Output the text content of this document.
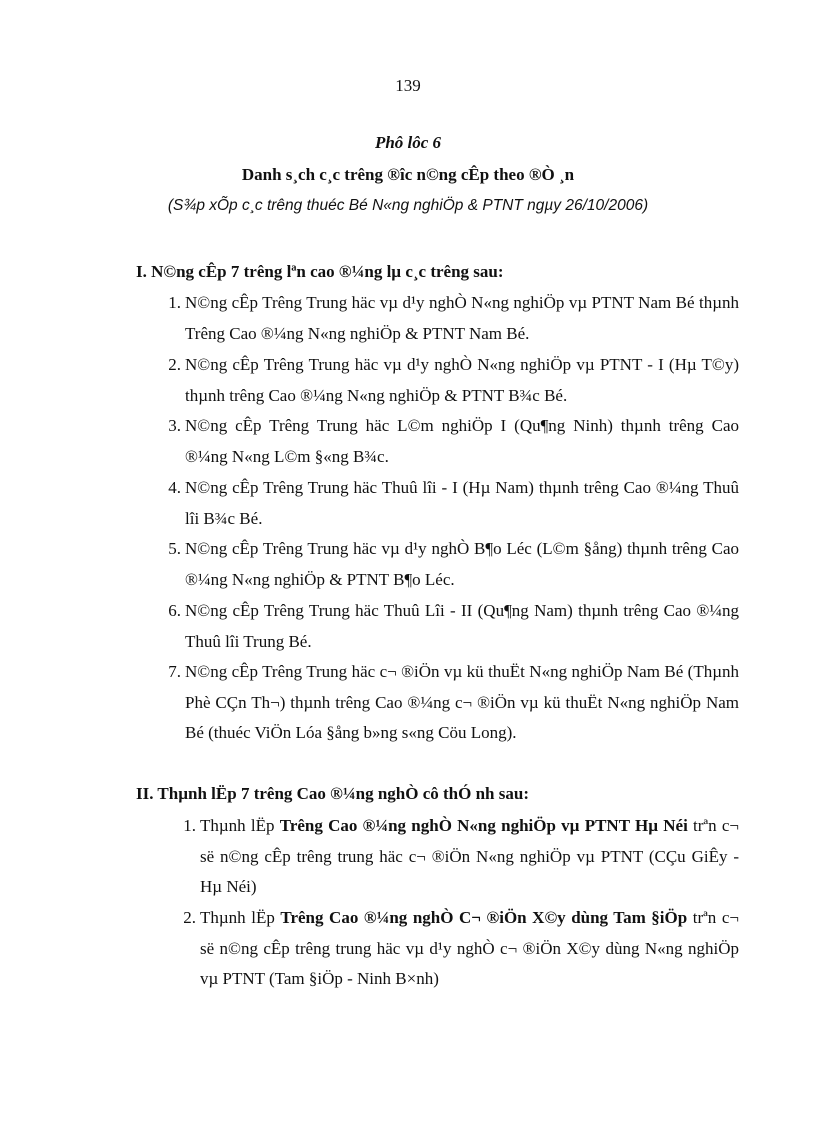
139
Phô lôc 6
Danh s¸ch c¸c trêng ®îc n©ng cÊp theo ®Ò ¸n
(S¾p xÕp c¸c trêng thuéc Bé N«ng nghiÖp & PTNT ngµy 26/10/2006)
I. N©ng cÊp 7 trêng lªn cao ®¼ng lµ c¸c trêng sau:
1. N©ng cÊp Trêng Trung häc vµ d¹y nghÒ N«ng nghiÖp vµ PTNT Nam Bé thµnh Trêng Cao ®¼ng N«ng nghiÖp & PTNT Nam Bé.
2. N©ng cÊp Trêng Trung häc vµ d¹y nghÒ N«ng nghiÖp vµ PTNT - I (Hµ T©y) thµnh trêng Cao ®¼ng N«ng nghiÖp & PTNT B¾c Bé.
3. N©ng cÊp Trêng Trung häc L©m nghiÖp I (Qu¶ng Ninh) thµnh trêng Cao ®¼ng N«ng L©m §«ng B¾c.
4. N©ng cÊp Trêng Trung häc Thuû lîi - I (Hµ Nam) thµnh trêng Cao ®¼ng Thuû lîi B¾c Bé.
5. N©ng cÊp Trêng Trung häc vµ d¹y nghÒ B¶o Léc (L©m §ång) thµnh trêng Cao ®¼ng N«ng nghiÖp & PTNT B¶o Léc.
6. N©ng cÊp Trêng Trung häc Thuû Lîi - II (Qu¶ng Nam) thµnh trêng Cao ®¼ng Thuû lîi Trung Bé.
7. N©ng cÊp Trêng Trung häc c¬ ®iÖn vµ kü thuËt N«ng nghiÖp Nam Bé (Thµnh Phè CÇn Th¬) thµnh trêng Cao ®¼ng c¬ ®iÖn vµ kü thuËt N«ng nghiÖp Nam Bé (thuéc ViÖn Lóa §ång b»ng s«ng Cöu Long).
II. Thµnh lËp 7 trêng Cao ®¼ng nghÒ cô thÓ nh sau:
1. Thµnh lËp Trêng Cao ®¼ng nghÒ N«ng nghiÖp vµ PTNT Hµ Néi trªn c¬ së n©ng cÊp trêng trung häc c¬ ®iÖn N«ng nghiÖp vµ PTNT (CÇu GiÊy - Hµ Néi)
2. Thµnh lËp Trêng Cao ®¼ng nghÒ C¬ ®iÖn X©y dùng Tam §iÖp trªn c¬ së n©ng cÊp trêng trung häc vµ d¹y nghÒ c¬ ®iÖn X©y dùng N«ng nghiÖp vµ PTNT (Tam §iÖp - Ninh B×nh)
